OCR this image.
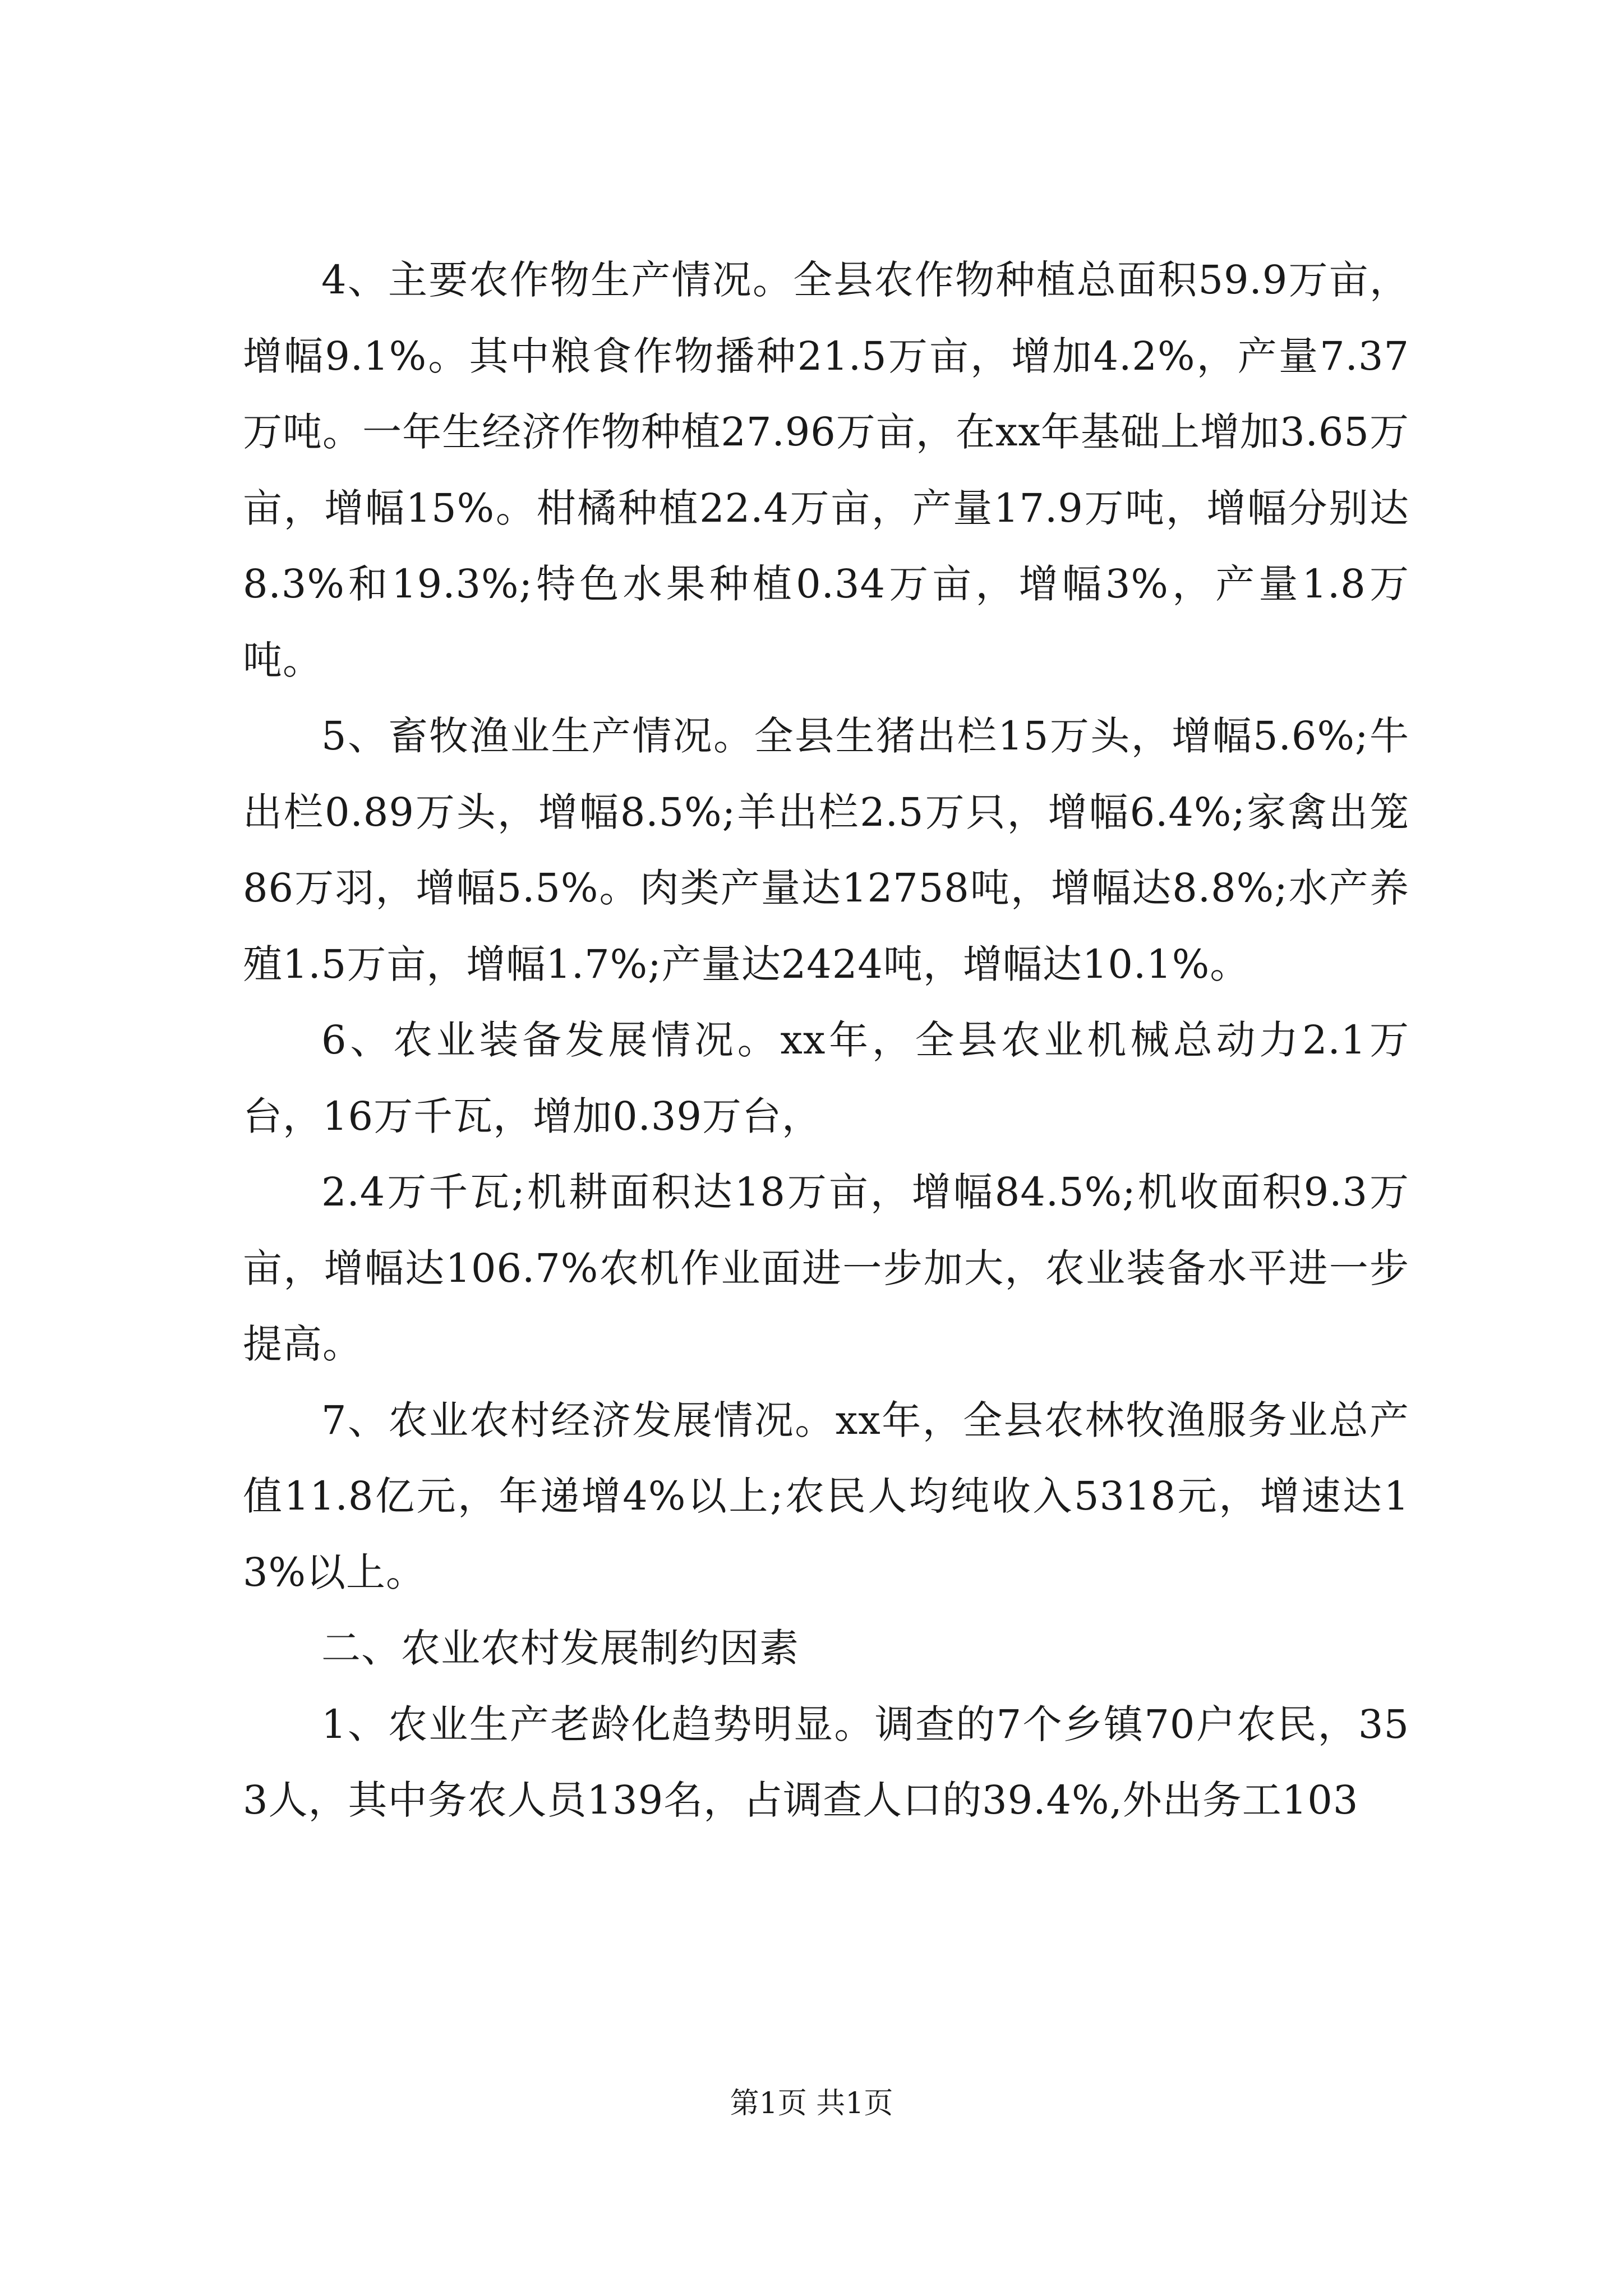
4、主要农作物生产情况。全县农作物种植总面积59.9万亩，增幅9.1%。其中粮食作物播种21.5万亩，增加4.2%，产量7.37万吨。一年生经济作物种植27.96万亩，在xx年基础上增加3.65万亩，增幅15%。柑橘种植22.4万亩，产量17.9万吨，增幅分别达8.3%和19.3%;特色水果种植0.34万亩，增幅3%，产量1.8万吨。

5、畜牧渔业生产情况。全县生猪出栏15万头，增幅5.6%;牛出栏0.89万头，增幅8.5%;羊出栏2.5万只，增幅6.4%;家禽出笼86万羽，增幅5.5%。肉类产量达12758吨，增幅达8.8%;水产养殖1.5万亩，增幅1.7%;产量达2424吨，增幅达10.1%。

6、农业装备发展情况。xx年，全县农业机械总动力2.1万台，16万千瓦，增加0.39万台，

2.4万千瓦;机耕面积达18万亩，增幅84.5%;机收面积9.3万亩，增幅达106.7%农机作业面进一步加大，农业装备水平进一步提高。

7、农业农村经济发展情况。xx年，全县农林牧渔服务业总产值11.8亿元，年递增4%以上;农民人均纯收入5318元，增速达13%以上。

二、农业农村发展制约因素

1、农业生产老龄化趋势明显。调查的7个乡镇70户农民，353人，其中务农人员139名，占调查人口的39.4%,外出务工103

第1页 共1页
